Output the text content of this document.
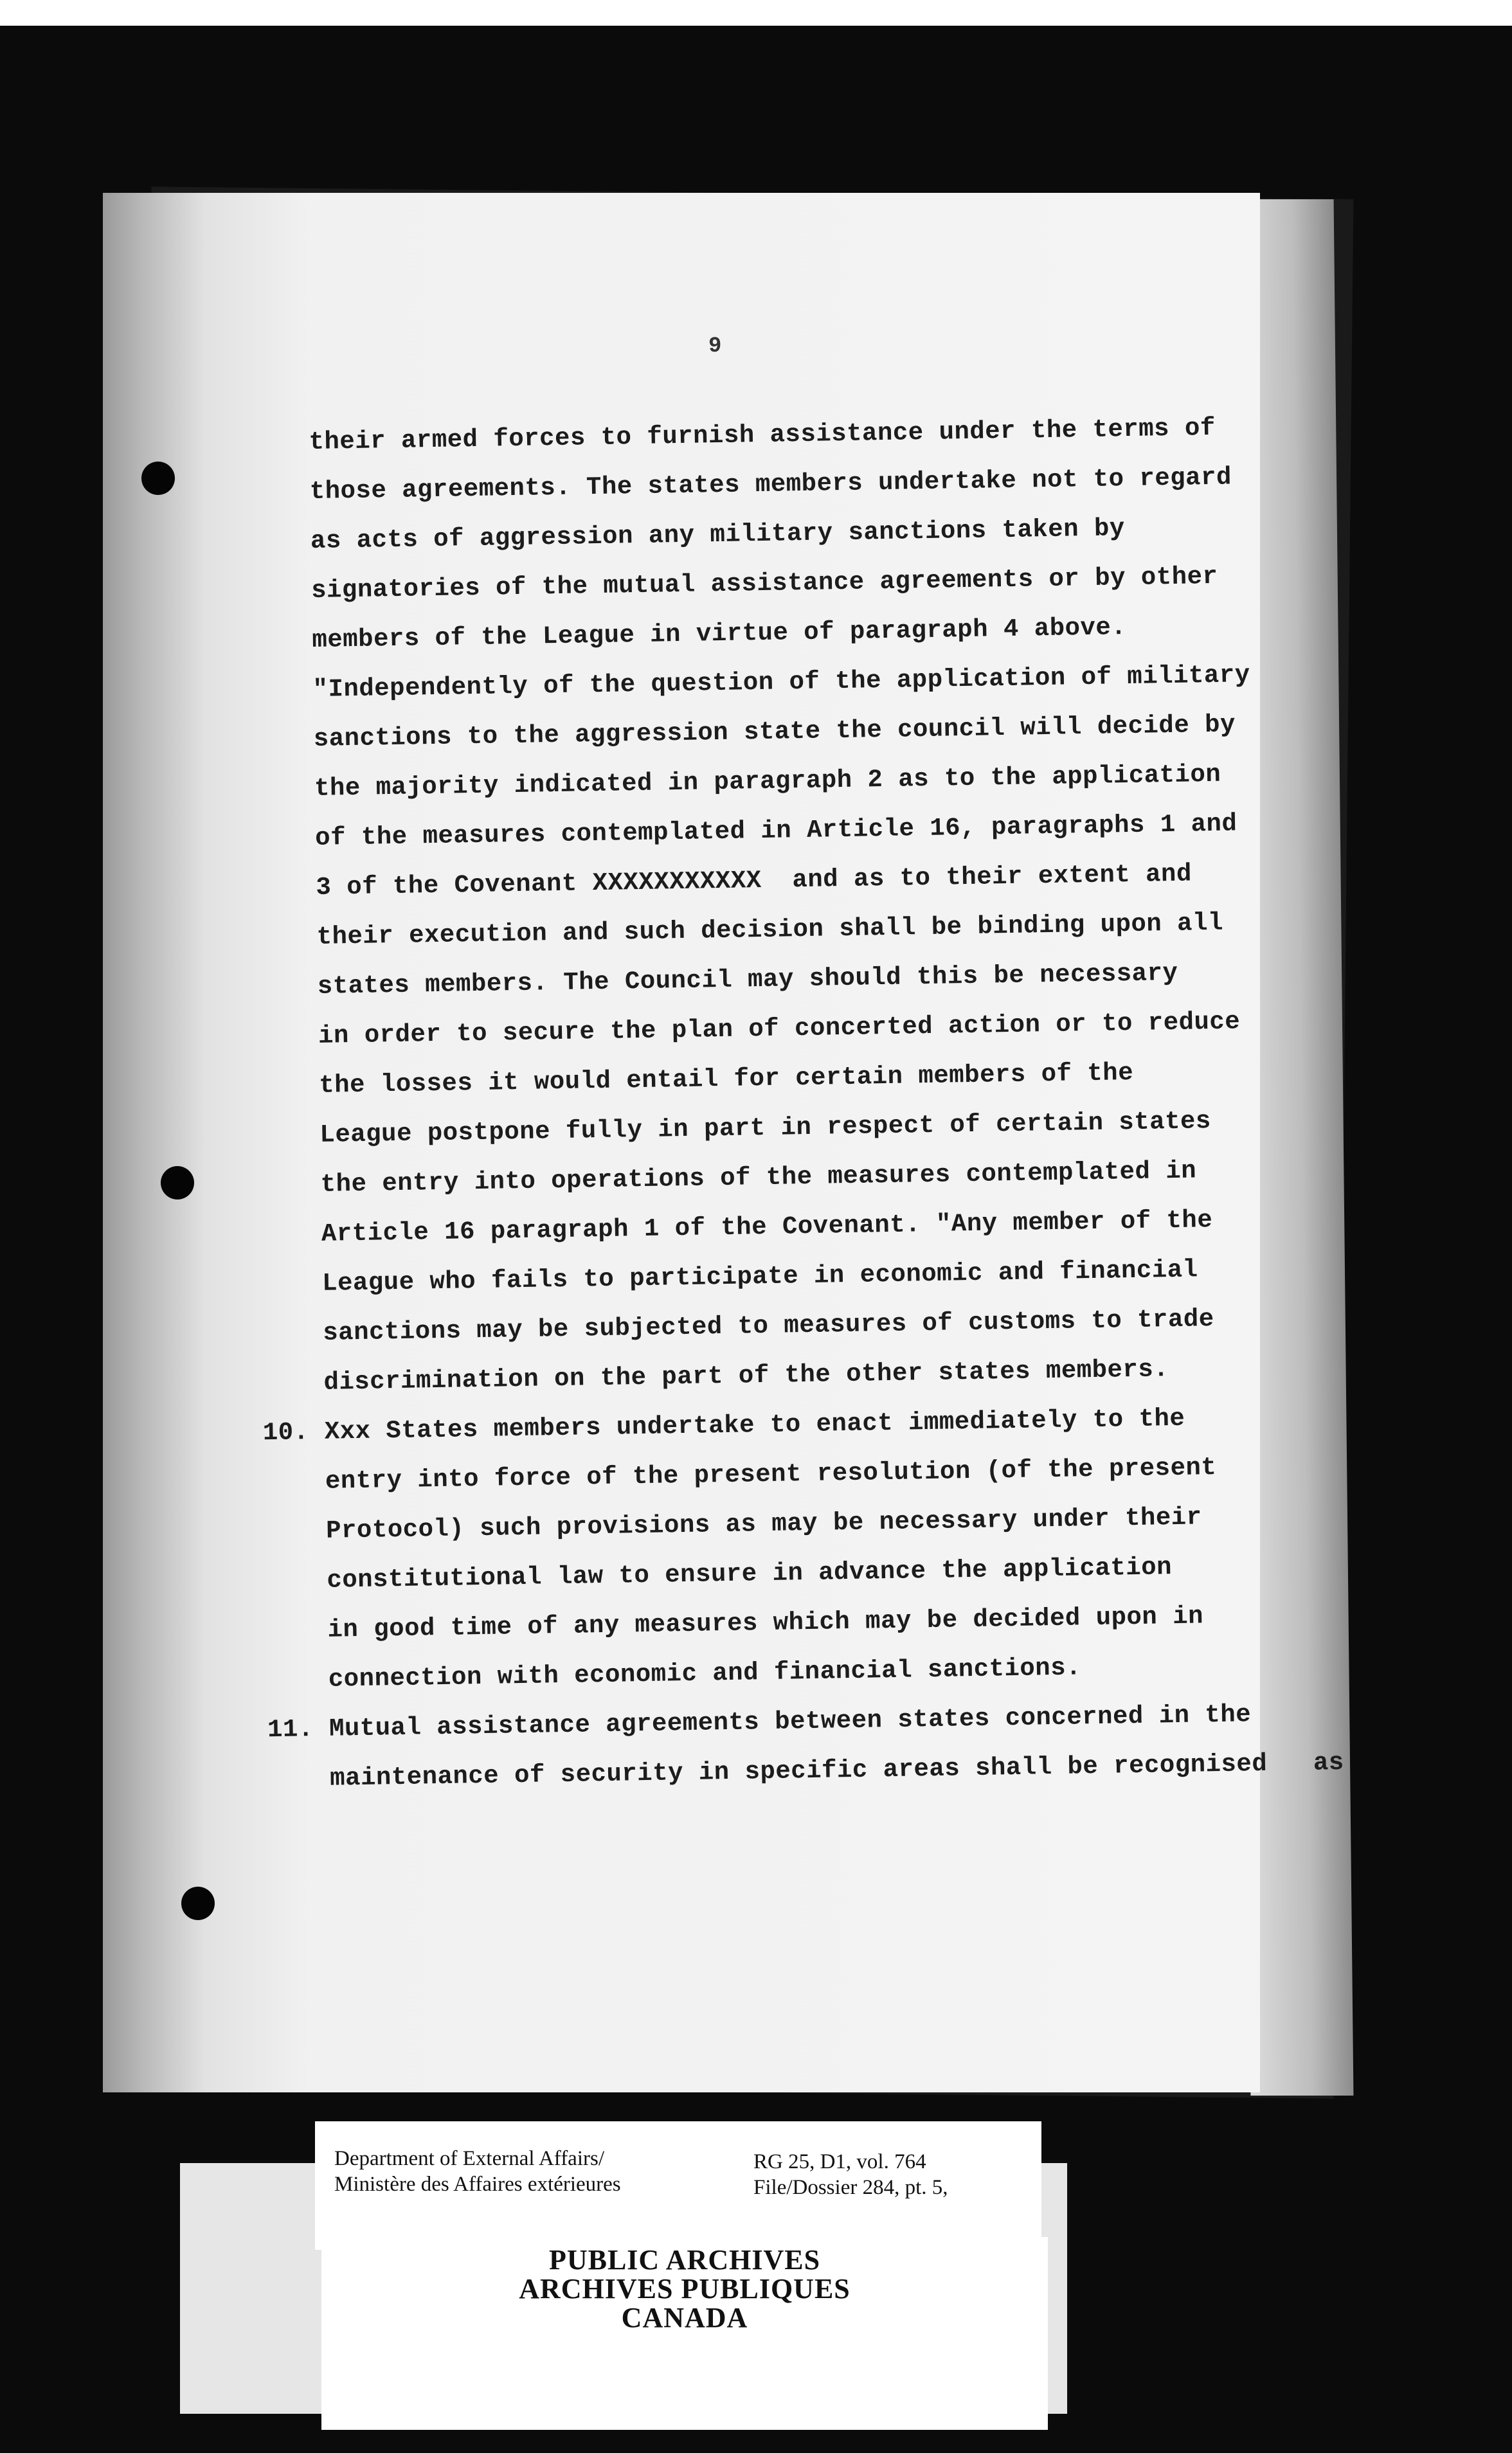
9
their armed forces to furnish assistance under the terms of
those agreements. The states members undertake not to regard
as acts of aggression any military sanctions taken by
signatories of the mutual assistance agreements or by other
members of the League in virtue of paragraph 4 above.
"Independently of the question of the application of military
sanctions to the aggression state the council will decide by
the majority indicated in paragraph 2 as to the application
of the measures contemplated in Article 16, paragraphs 1 and
3 of the Covenant XXXXXXXXXXX  and as to their extent and
their execution and such decision shall be binding upon all
states members. The Council may should this be necessary
in order to secure the plan of concerted action or to reduce
the losses it would entail for certain members of the
League postpone fully in part in respect of certain states
the entry into operations of the measures contemplated in
Article 16 paragraph 1 of the Covenant. "Any member of the
League who fails to participate in economic and financial
sanctions may be subjected to measures of customs to trade
discrimination on the part of the other states members.
10. Xxx States members undertake to enact immediately to the
entry into force of the present resolution (of the present
Protocol) such provisions as may be necessary under their
constitutional law to ensure in advance the application
in good time of any measures which may be decided upon in
connection with economic and financial sanctions.
11. Mutual assistance agreements between states concerned in the
maintenance of security in specific areas shall be recognised   as
Department of External Affairs/
Ministère des Affaires extérieures
RG 25, D1, vol. 764
File/Dossier 284, pt. 5,
PUBLIC ARCHIVES
ARCHIVES PUBLIQUES
CANADA
